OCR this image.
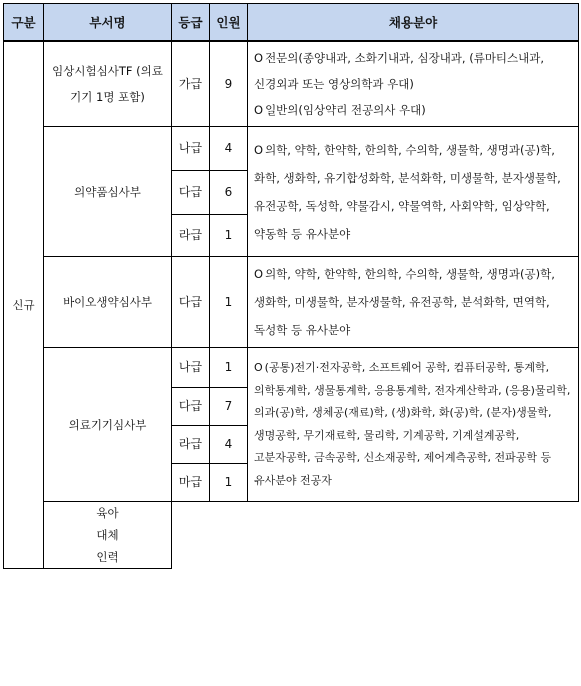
구분	부서명	등급	인원	채용분야
신규	임상시험심사TF (의료기기 1명 포함)	가급	9	O 전문의(종양내과, 소화기내과, 심장내과, (류마티스내과, 신경외과 또는 영상의학과 우대)
O 일반의(임상약리 전공의사 우대)

	의약품심사부	나급	4	O 의학, 약학, 한약학, 한의학, 수의학, 생물학, 생명과(공)학, 화학, 생화학, 유기합성화학, 분석화학, 미생물학, 분자생물학, 유전공학, 독성학, 약물감시, 약물역학, 사회약학, 임상약학, 약동학 등 유사분야
		다급	6	
		라급	1	
	바이오생약심사부	다급	1	O 의학, 약학, 한약학, 한의학, 수의학, 생물학, 생명과(공)학, 생화학, 미생물학, 분자생물학, 유전공학, 분석화학, 면역학, 독성학 등 유사분야
	의료기기심사부	나급	1	O (공통)전기·전자공학, 소프트웨어 공학, 컴퓨터공학, 통계학, 의학통계학, 생물통계학, 응용통계학, 전자계산학과, (응용)물리학, 의과(공)학, 생체공(재료)학, (생)화학, 화(공)학, (분자)생물학, 생명공학, 무기재료학, 물리학, 기계공학, 기계설계공학, 고분자공학, 금속공학, 신소재공학, 제어계측공학, 전파공학 등 유사분야 전공자
		다급	7	
		라급	4	
		마급	1	
	육아
대체
인력			
